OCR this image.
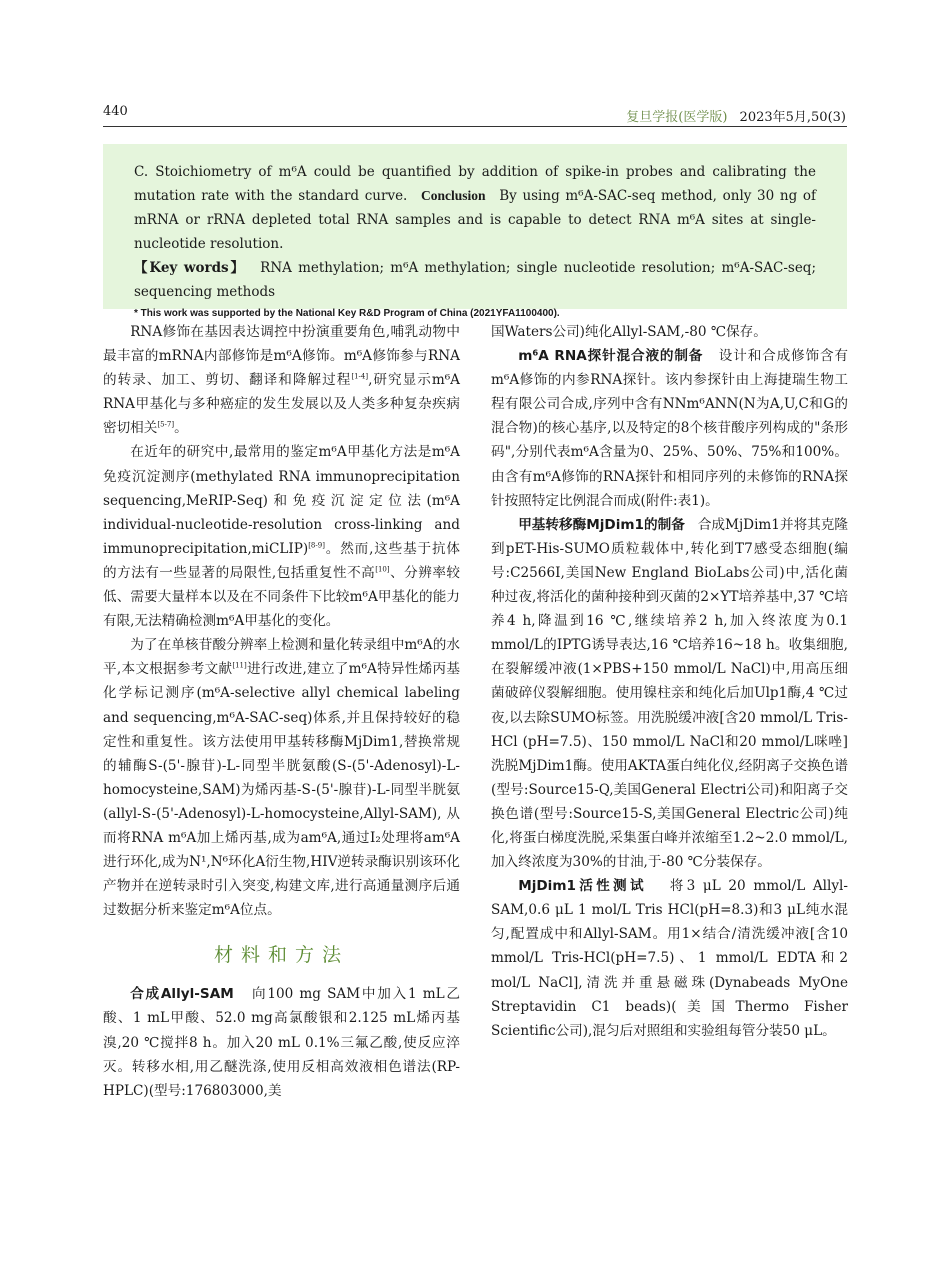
440	复旦学报(医学版) 2023年5月,50(3)

C. Stoichiometry of m⁶A could be quantified by addition of spike-in probes and calibrating the mutation rate with the standard curve. Conclusion By using m⁶A-SAC-seq method, only 30 ng of mRNA or rRNA depleted total RNA samples and is capable to detect RNA m⁶A sites at single-nucleotide resolution.

【Key words】 RNA methylation; m⁶A methylation; single nucleotide resolution; m⁶A-SAC-seq; sequencing methods

* This work was supported by the National Key R&D Program of China (2021YFA1100400).

RNA修饰在基因表达调控中扮演重要角色,哺乳动物中最丰富的mRNA内部修饰是m⁶A修饰。m⁶A修饰参与RNA的转录、加工、剪切、翻译和降解过程[1-4],研究显示m⁶A RNA甲基化与多种癌症的发生发展以及人类多种复杂疾病密切相关[5-7]。

在近年的研究中,最常用的鉴定m⁶A甲基化方法是m⁶A免疫沉淀测序(methylated RNA immunoprecipitation sequencing,MeRIP-Seq)和免疫沉淀定位法(m⁶A individual-nucleotide-resolution cross-linking and immunoprecipitation,miCLIP)[8-9]。然而,这些基于抗体的方法有一些显著的局限性,包括重复性不高[10]、分辨率较低、需要大量样本以及在不同条件下比较m⁶A甲基化的能力有限,无法精确检测m⁶A甲基化的变化。

为了在单核苷酸分辨率上检测和量化转录组中m⁶A的水平,本文根据参考文献[11]进行改进,建立了m⁶A特异性烯丙基化学标记测序(m⁶A-selective allyl chemical labeling and sequencing,m⁶A-SAC-seq)体系,并且保持较好的稳定性和重复性。该方法使用甲基转移酶MjDim1,替换常规的辅酶S-(5'-腺苷)-L-同型半胱氨酸(S-(5'-Adenosyl)-L-homocysteine,SAM)为烯丙基-S-(5'-腺苷)-L-同型半胱氨(allyl-S-(5'-Adenosyl)-L-homocysteine,Allyl-SAM),从而将RNA m⁶A加上烯丙基,成为am⁶A,通过I₂处理将am⁶A进行环化,成为N¹,N⁶环化A衍生物,HIV逆转录酶识别该环化产物并在逆转录时引入突变,构建文库,进行高通量测序后通过数据分析来鉴定m⁶A位点。

材料和方法

合成Allyl-SAM 向100 mg SAM中加入1 mL乙酸、1 mL甲酸、52.0 mg高氯酸银和2.125 mL烯丙基溴,20 ℃搅拌8 h。加入20 mL 0.1%三氟乙酸,使反应淬灭。转移水相,用乙醚洗涤,使用反相高效液相色谱法(RP-HPLC)(型号:176803000,美

国Waters公司)纯化Allyl-SAM,-80 ℃保存。

m⁶A RNA探针混合液的制备 设计和合成修饰含有m⁶A修饰的内参RNA探针。该内参探针由上海捷瑞生物工程有限公司合成,序列中含有NNm⁶ANN(N为A,U,C和G的混合物)的核心基序,以及特定的8个核苷酸序列构成的"条形码",分别代表m⁶A含量为0、25%、50%、75%和100%。由含有m⁶A修饰的RNA探针和相同序列的未修饰的RNA探针按照特定比例混合而成(附件:表1)。

甲基转移酶MjDim1的制备 合成MjDim1并将其克隆到pET-His-SUMO质粒载体中,转化到T7感受态细胞(编号:C2566I,美国New England BioLabs公司)中,活化菌种过夜,将活化的菌种接种到灭菌的2×YT培养基中,37 ℃培养4 h,降温到16 ℃,继续培养2 h,加入终浓度为0.1 mmol/L的IPTG诱导表达,16 ℃培养16~18 h。收集细胞,在裂解缓冲液(1×PBS+150 mmol/L NaCl)中,用高压细菌破碎仪裂解细胞。使用镍柱亲和纯化后加Ulp1酶,4 ℃过夜,以去除SUMO标签。用洗脱缓冲液[含20 mmol/L Tris-HCl (pH=7.5)、150 mmol/L NaCl和20 mmol/L咪唑]洗脱MjDim1酶。使用AKTA蛋白纯化仪,经阴离子交换色谱(型号:Source15-Q,美国General Electri公司)和阳离子交换色谱(型号:Source15-S,美国General Electric公司)纯化,将蛋白梯度洗脱,采集蛋白峰并浓缩至1.2~2.0 mmol/L,加入终浓度为30%的甘油,于-80 ℃分装保存。

MjDim1活性测试 将3 μL 20 mmol/L Allyl-SAM,0.6 μL 1 mol/L Tris HCl(pH=8.3)和3 μL纯水混匀,配置成中和Allyl-SAM。用1×结合/清洗缓冲液[含10 mmol/L Tris-HCl(pH=7.5)、1 mmol/L EDTA和2 mol/L NaCl],清洗并重悬磁珠(Dynabeads MyOne Streptavidin C1 beads)(美国Thermo Fisher Scientific公司),混匀后对照组和实验组每管分装50 μL。
